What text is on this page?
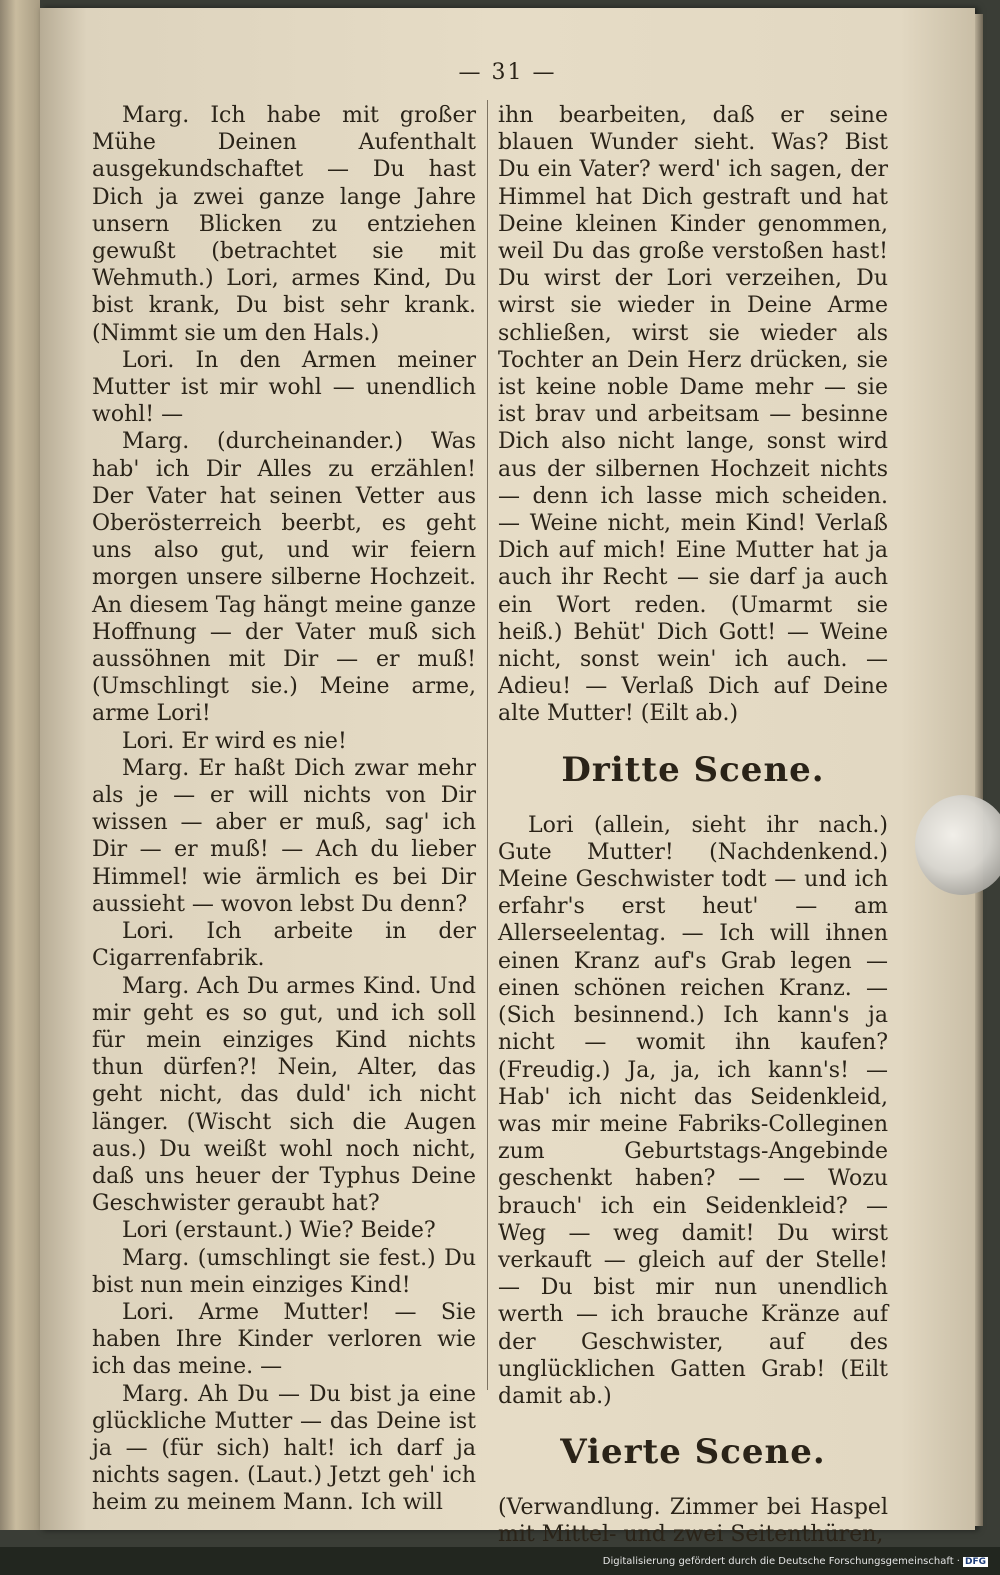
— 31 —

Marg. Ich habe mit großer Mühe Deinen Aufenthalt ausgekundschaftet — Du hast Dich ja zwei ganze lange Jahre unsern Blicken zu entziehen gewußt (betrachtet sie mit Wehmuth.) Lori, armes Kind, Du bist krank, Du bist sehr krank. (Nimmt sie um den Hals.)

Lori. In den Armen meiner Mutter ist mir wohl — unendlich wohl! —

Marg. (durcheinander.) Was hab' ich Dir Alles zu erzählen! Der Vater hat seinen Vetter aus Oberösterreich beerbt, es geht uns also gut, und wir feiern morgen unsere silberne Hochzeit. An diesem Tag hängt meine ganze Hoffnung — der Vater muß sich aussöhnen mit Dir — er muß! (Umschlingt sie.) Meine arme, arme Lori!

Lori. Er wird es nie!

Marg. Er haßt Dich zwar mehr als je — er will nichts von Dir wissen — aber er muß, sag' ich Dir — er muß! — Ach du lieber Himmel! wie ärmlich es bei Dir aussieht — wovon lebst Du denn?

Lori. Ich arbeite in der Cigarrenfabrik.

Marg. Ach Du armes Kind. Und mir geht es so gut, und ich soll für mein einziges Kind nichts thun dürfen?! Nein, Alter, das geht nicht, das duld' ich nicht länger. (Wischt sich die Augen aus.) Du weißt wohl noch nicht, daß uns heuer der Typhus Deine Geschwister geraubt hat?

Lori (erstaunt.) Wie? Beide?

Marg. (umschlingt sie fest.) Du bist nun mein einziges Kind!

Lori. Arme Mutter! — Sie haben Ihre Kinder verloren wie ich das meine. —

Marg. Ah Du — Du bist ja eine glückliche Mutter — das Deine ist ja — (für sich) halt! ich darf ja nichts sagen. (Laut.) Jetzt geh' ich heim zu meinem Mann. Ich will

ihn bearbeiten, daß er seine blauen Wunder sieht. Was? Bist Du ein Vater? werd' ich sagen, der Himmel hat Dich gestraft und hat Deine kleinen Kinder genommen, weil Du das große verstoßen hast! Du wirst der Lori verzeihen, Du wirst sie wieder in Deine Arme schließen, wirst sie wieder als Tochter an Dein Herz drücken, sie ist keine noble Dame mehr — sie ist brav und arbeitsam — besinne Dich also nicht lange, sonst wird aus der silbernen Hochzeit nichts — denn ich lasse mich scheiden. — Weine nicht, mein Kind! Verlaß Dich auf mich! Eine Mutter hat ja auch ihr Recht — sie darf ja auch ein Wort reden. (Umarmt sie heiß.) Behüt' Dich Gott! — Weine nicht, sonst wein' ich auch. — Adieu! — Verlaß Dich auf Deine alte Mutter! (Eilt ab.)

Dritte Scene.

Lori (allein, sieht ihr nach.) Gute Mutter! (Nachdenkend.) Meine Geschwister todt — und ich erfahr's erst heut' — am Allerseelentag. — Ich will ihnen einen Kranz auf's Grab legen — einen schönen reichen Kranz. — (Sich besinnend.) Ich kann's ja nicht — womit ihn kaufen? (Freudig.) Ja, ja, ich kann's! — Hab' ich nicht das Seidenkleid, was mir meine Fabriks-Colleginen zum Geburtstags-Angebinde geschenkt haben? — — Wozu brauch' ich ein Seidenkleid? — Weg — weg damit! Du wirst verkauft — gleich auf der Stelle! — Du bist mir nun unendlich werth — ich brauche Kränze auf der Geschwister, auf des unglücklichen Gatten Grab! (Eilt damit ab.)

Vierte Scene.

(Verwandlung. Zimmer bei Haspel mit Mittel- und zwei Seitenthüren,

Digitalisierung gefördert durch die Deutsche Forschungsgemeinschaft · DFG
